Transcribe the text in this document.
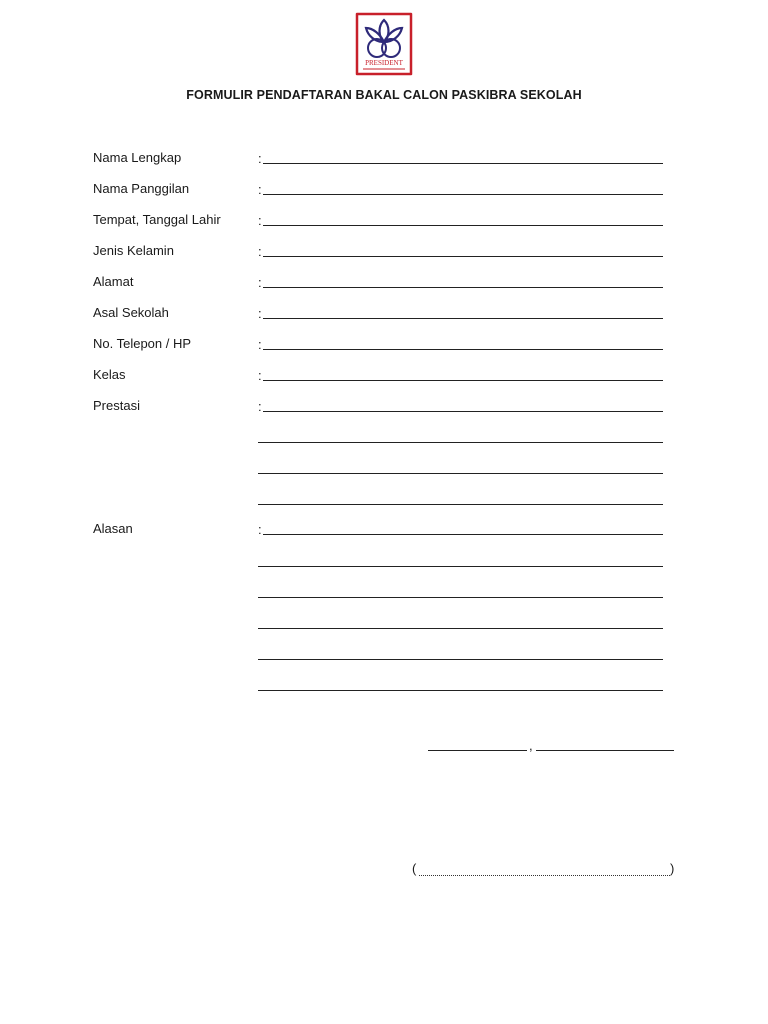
PRESIDENT
FORMULIR PENDAFTARAN BAKAL CALON PASKIBRA SEKOLAH
Nama Lengkap
Nama Panggilan
Tempat, Tanggal Lahir
Jenis Kelamin
Alamat
Asal Sekolah
No. Telepon / HP
Kelas
Prestasi
Alasan
:
:
:
:
:
:
:
:
:
:
,
(	)
